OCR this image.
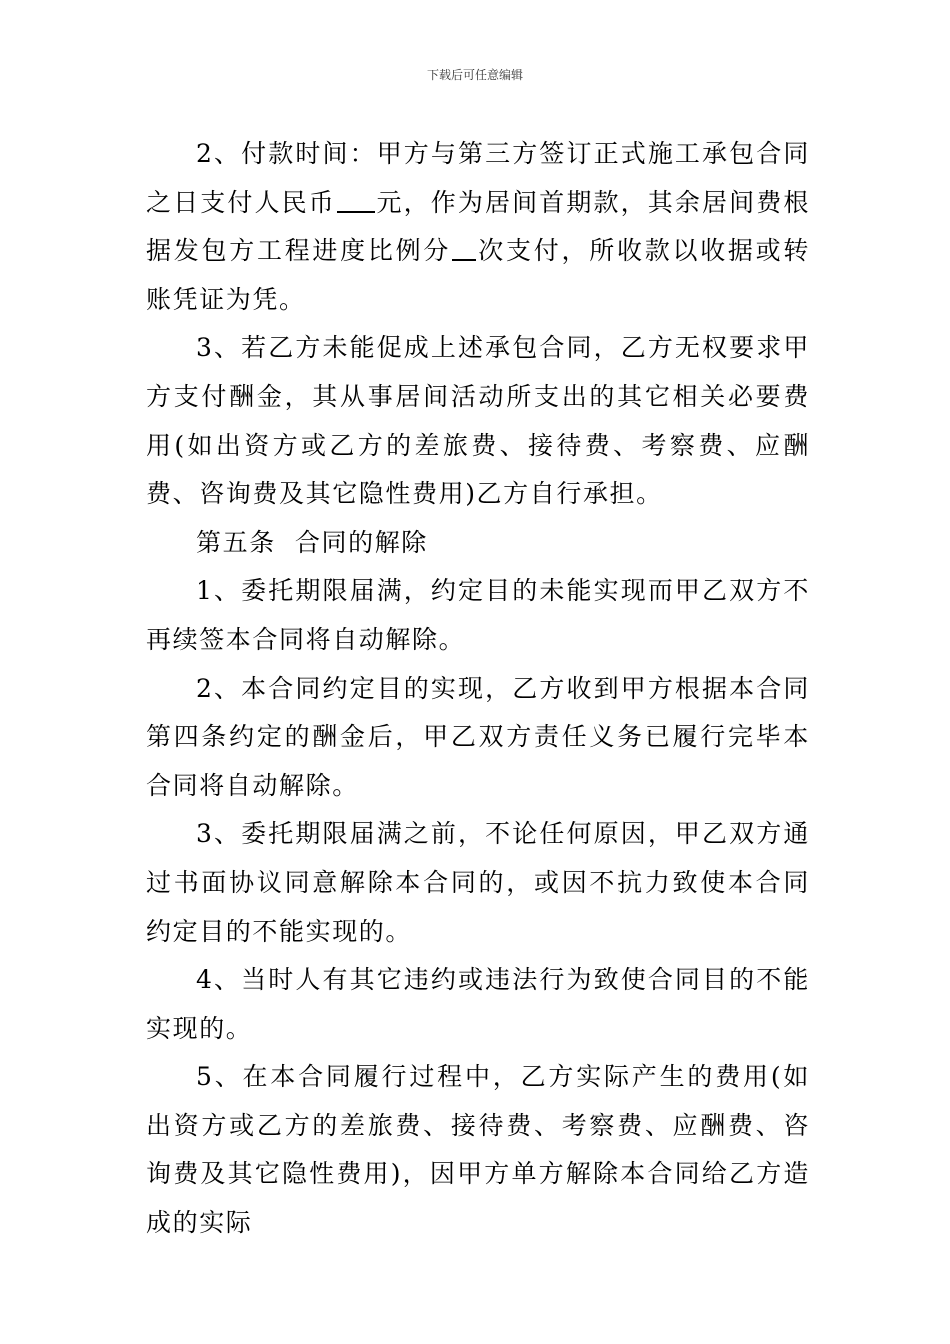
下载后可任意编辑

2、付款时间：甲方与第三方签订正式施工承包合同之日支付人民币 元，作为居间首期款，其余居间费根据发包方工程进度比例分 次支付，所收款以收据或转账凭证为凭。

3、若乙方未能促成上述承包合同，乙方无权要求甲方支付酬金，其从事居间活动所支出的其它相关必要费用(如出资方或乙方的差旅费、接待费、考察费、应酬费、咨询费及其它隐性费用)乙方自行承担。

第五条  合同的解除

1、委托期限届满，约定目的未能实现而甲乙双方不再续签本合同将自动解除。

2、本合同约定目的实现，乙方收到甲方根据本合同第四条约定的酬金后，甲乙双方责任义务已履行完毕本合同将自动解除。

3、委托期限届满之前，不论任何原因，甲乙双方通过书面协议同意解除本合同的，或因不抗力致使本合同约定目的不能实现的。

4、当时人有其它违约或违法行为致使合同目的不能实现的。

5、在本合同履行过程中，乙方实际产生的费用(如出资方或乙方的差旅费、接待费、考察费、应酬费、咨询费及其它隐性费用)，因甲方单方解除本合同给乙方造成的实际
